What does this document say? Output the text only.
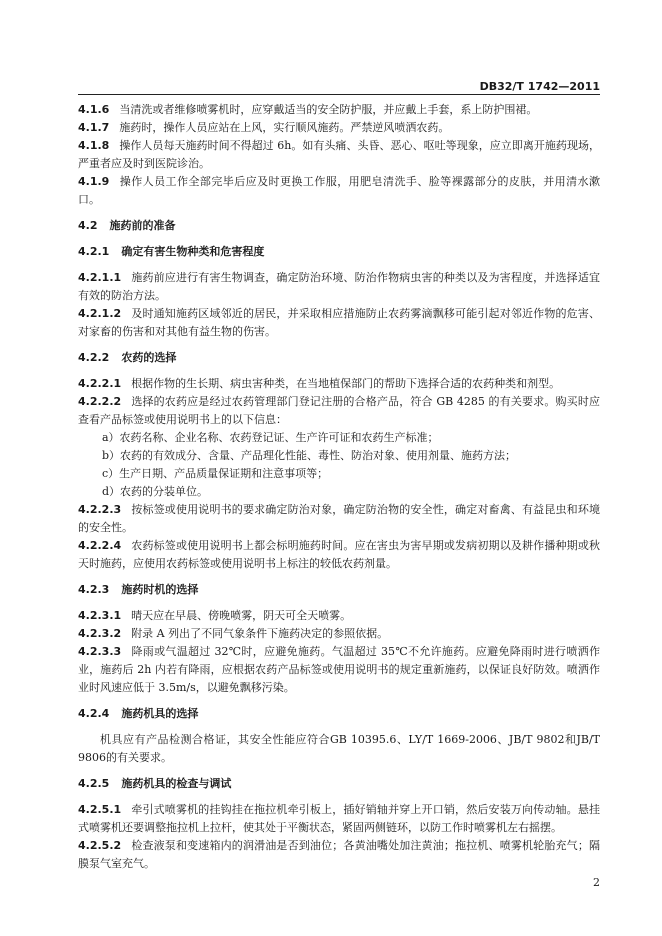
DB32/T 1742—2011

4.1.6 当清洗或者维修喷雾机时，应穿戴适当的安全防护服，并应戴上手套，系上防护围裙。

4.1.7 施药时，操作人员应站在上风，实行顺风施药。严禁逆风喷洒农药。

4.1.8 操作人员每天施药时间不得超过 6h。如有头痛、头昏、恶心、呕吐等现象，应立即离开施药现场，严重者应及时到医院诊治。

4.1.9 操作人员工作全部完毕后应及时更换工作服，用肥皂清洗手、脸等裸露部分的皮肤，并用清水漱口。

4.2 施药前的准备

4.2.1 确定有害生物种类和危害程度

4.2.1.1 施药前应进行有害生物调查，确定防治环境、防治作物病虫害的种类以及为害程度，并选择适宜有效的防治方法。

4.2.1.2 及时通知施药区域邻近的居民，并采取相应措施防止农药雾滴飘移可能引起对邻近作物的危害、对家畜的伤害和对其他有益生物的伤害。

4.2.2 农药的选择

4.2.2.1 根据作物的生长期、病虫害种类，在当地植保部门的帮助下选择合适的农药种类和剂型。

4.2.2.2 选择的农药应是经过农药管理部门登记注册的合格产品，符合 GB 4285 的有关要求。购买时应查看产品标签或使用说明书上的以下信息：

a）农药名称、企业名称、农药登记证、生产许可证和农药生产标准；

b）农药的有效成分、含量、产品理化性能、毒性、防治对象、使用剂量、施药方法；

c）生产日期、产品质量保证期和注意事项等；

d）农药的分装单位。

4.2.2.3 按标签或使用说明书的要求确定防治对象，确定防治物的安全性，确定对畜禽、有益昆虫和环境的安全性。

4.2.2.4 农药标签或使用说明书上都会标明施药时间。应在害虫为害早期或发病初期以及耕作播种期或秋天时施药，应使用农药标签或使用说明书上标注的较低农药剂量。

4.2.3 施药时机的选择

4.2.3.1 晴天应在早晨、傍晚喷雾，阴天可全天喷雾。

4.2.3.2 附录 A 列出了不同气象条件下施药决定的参照依据。

4.2.3.3 降雨或气温超过 32℃时，应避免施药。气温超过 35℃不允许施药。应避免降雨时进行喷洒作业，施药后 2h 内若有降雨，应根据农药产品标签或使用说明书的规定重新施药，以保证良好防效。喷洒作业时风速应低于 3.5m/s，以避免飘移污染。

4.2.4 施药机具的选择

机具应有产品检测合格证，其安全性能应符合GB 10395.6、LY/T 1669-2006、JB/T 9802和JB/T 9806的有关要求。

4.2.5 施药机具的检查与调试

4.2.5.1 牵引式喷雾机的挂钩挂在拖拉机牵引板上，插好销轴并穿上开口销，然后安装万向传动轴。悬挂式喷雾机还要调整拖拉机上拉杆，使其处于平衡状态，紧固两侧链环，以防工作时喷雾机左右摇摆。

4.2.5.2 检查液泵和变速箱内的润滑油是否到油位；各黄油嘴处加注黄油；拖拉机、喷雾机轮胎充气；隔膜泵气室充气。

2
